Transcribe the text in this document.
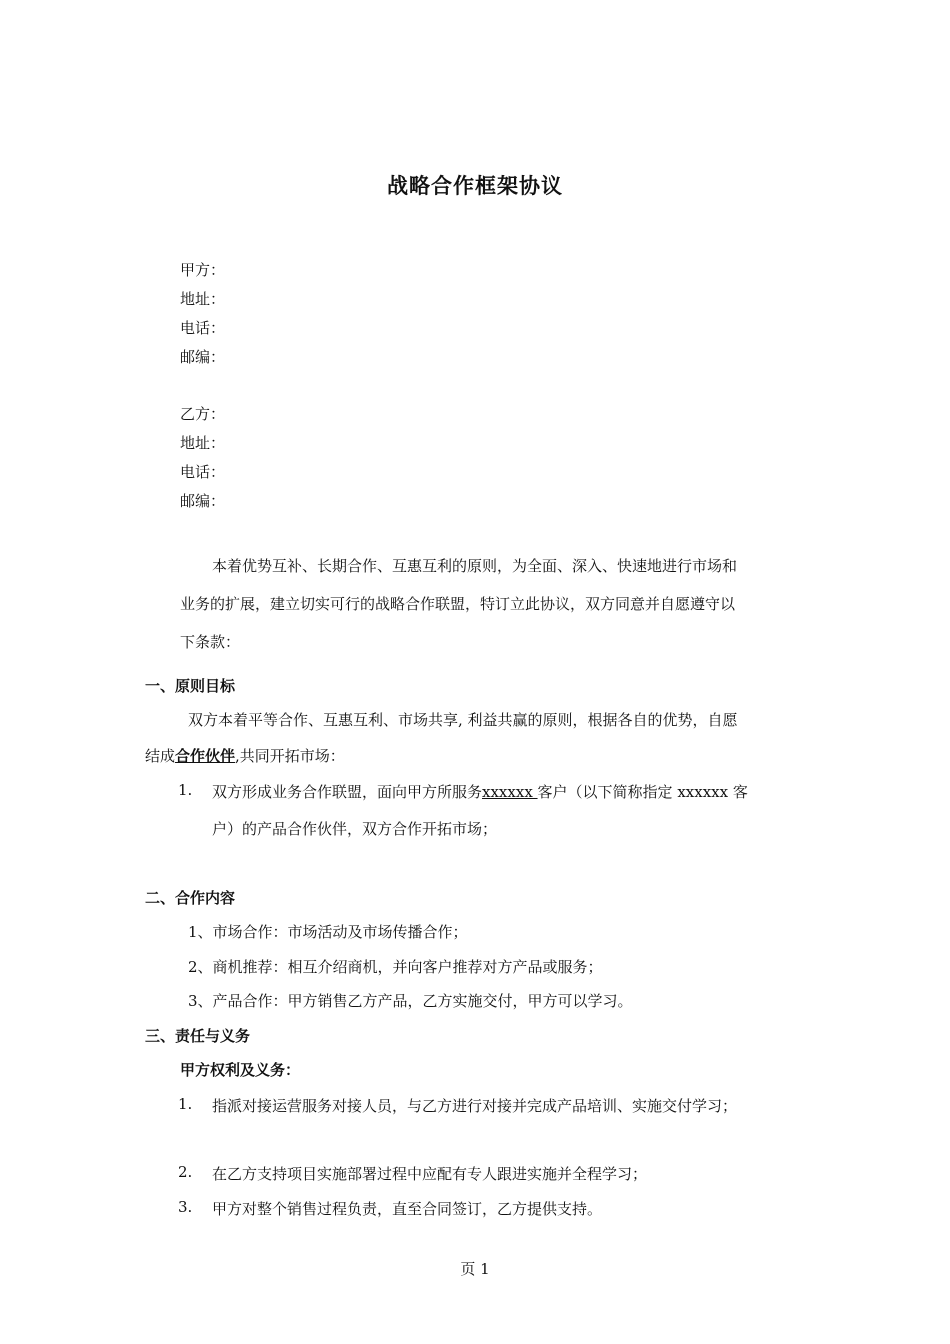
战略合作框架协议
甲方：
地址：
电话：
邮编：
乙方：
地址：
电话：
邮编：
本着优势互补、长期合作、互惠互利的原则，为全面、深入、快速地进行市场和
业务的扩展，建立切实可行的战略合作联盟，特订立此协议，双方同意并自愿遵守以
下条款：
一、原则目标
双方本着平等合作、互惠互利、市场共享, 利益共赢的原则，根据各自的优势，自愿
结成合作伙伴,共同开拓市场：
1. 双方形成业务合作联盟，面向甲方所服务xxxxxx 客户（以下简称指定 xxxxxx 客
户）的产品合作伙伴，双方合作开拓市场；
二、合作内容
1、市场合作：市场活动及市场传播合作；
2、商机推荐：相互介绍商机，并向客户推荐对方产品或服务；
3、产品合作：甲方销售乙方产品，乙方实施交付，甲方可以学习。
三、责任与义务
甲方权利及义务：
1. 指派对接运营服务对接人员，与乙方进行对接并完成产品培训、实施交付学习；
2. 在乙方支持项目实施部署过程中应配有专人跟进实施并全程学习；
3. 甲方对整个销售过程负责，直至合同签订，乙方提供支持。
页 1
